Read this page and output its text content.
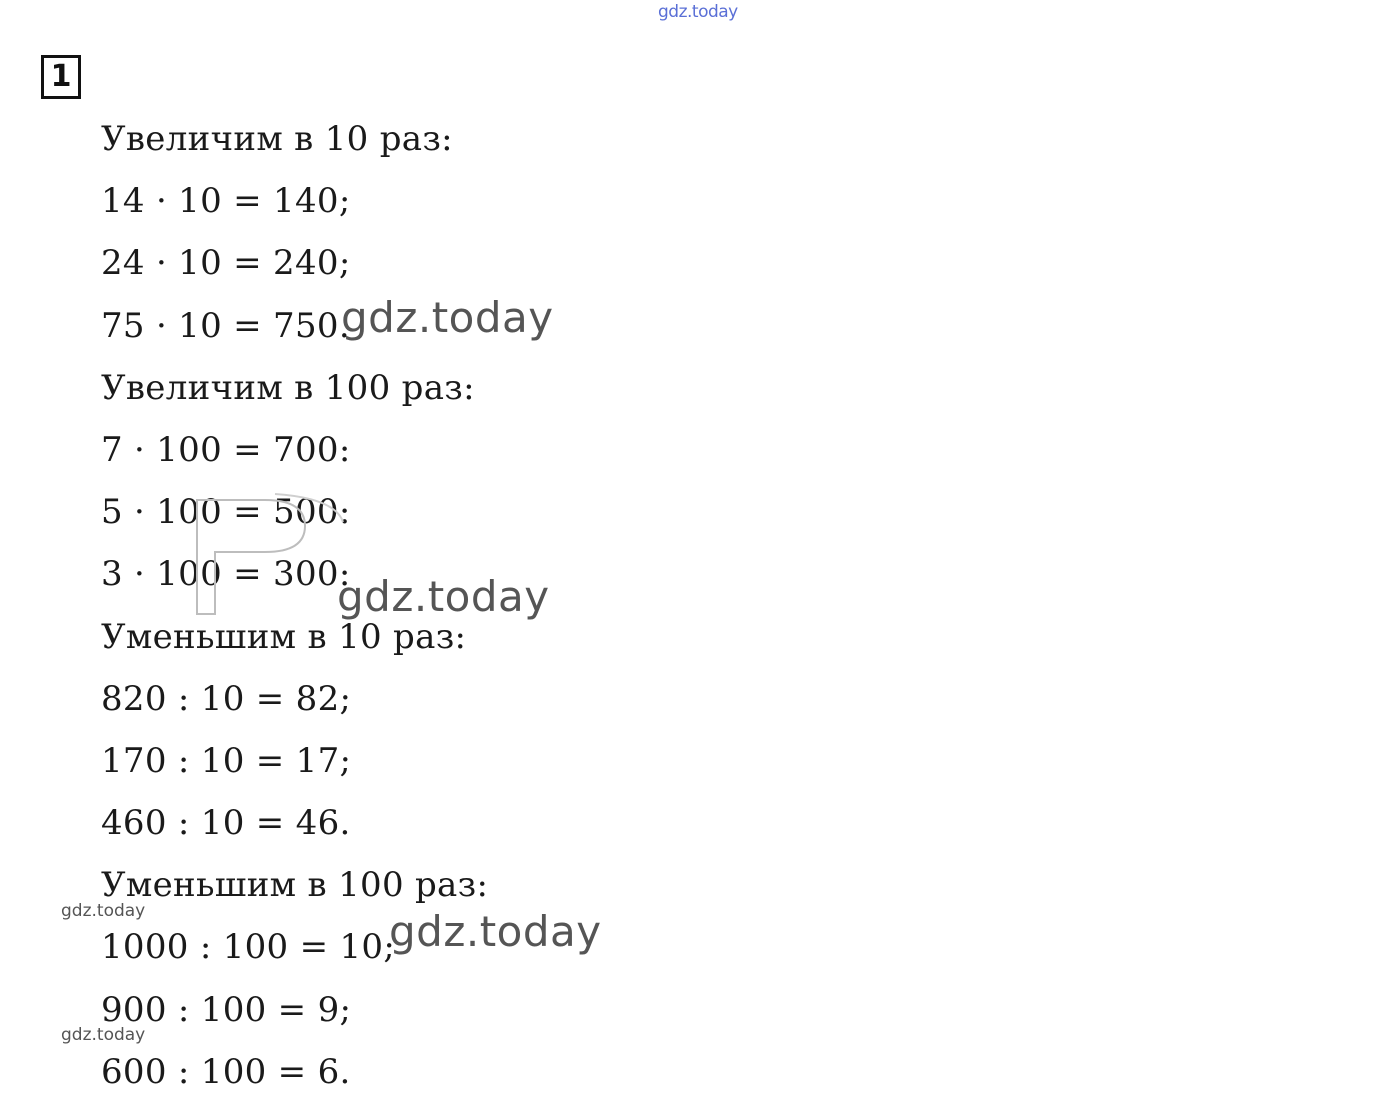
gdz.today
1
Увеличим в 10 раз:
14 · 10 = 140;
24 · 10 = 240;
75 · 10 = 750.
Увеличим в 100 раз:
7 · 100 = 700:
5 · 100 = 500:
3 · 100 = 300:
Уменьшим в 10 раз:
820 : 10 = 82;
170 : 10 = 17;
460 : 10 = 46.
Уменьшим в 100 раз:
1000 : 100 = 10;
900 : 100 = 9;
600 : 100 = 6.
gdz.today
gdz.today
gdz.today
gdz.today
gdz.today
